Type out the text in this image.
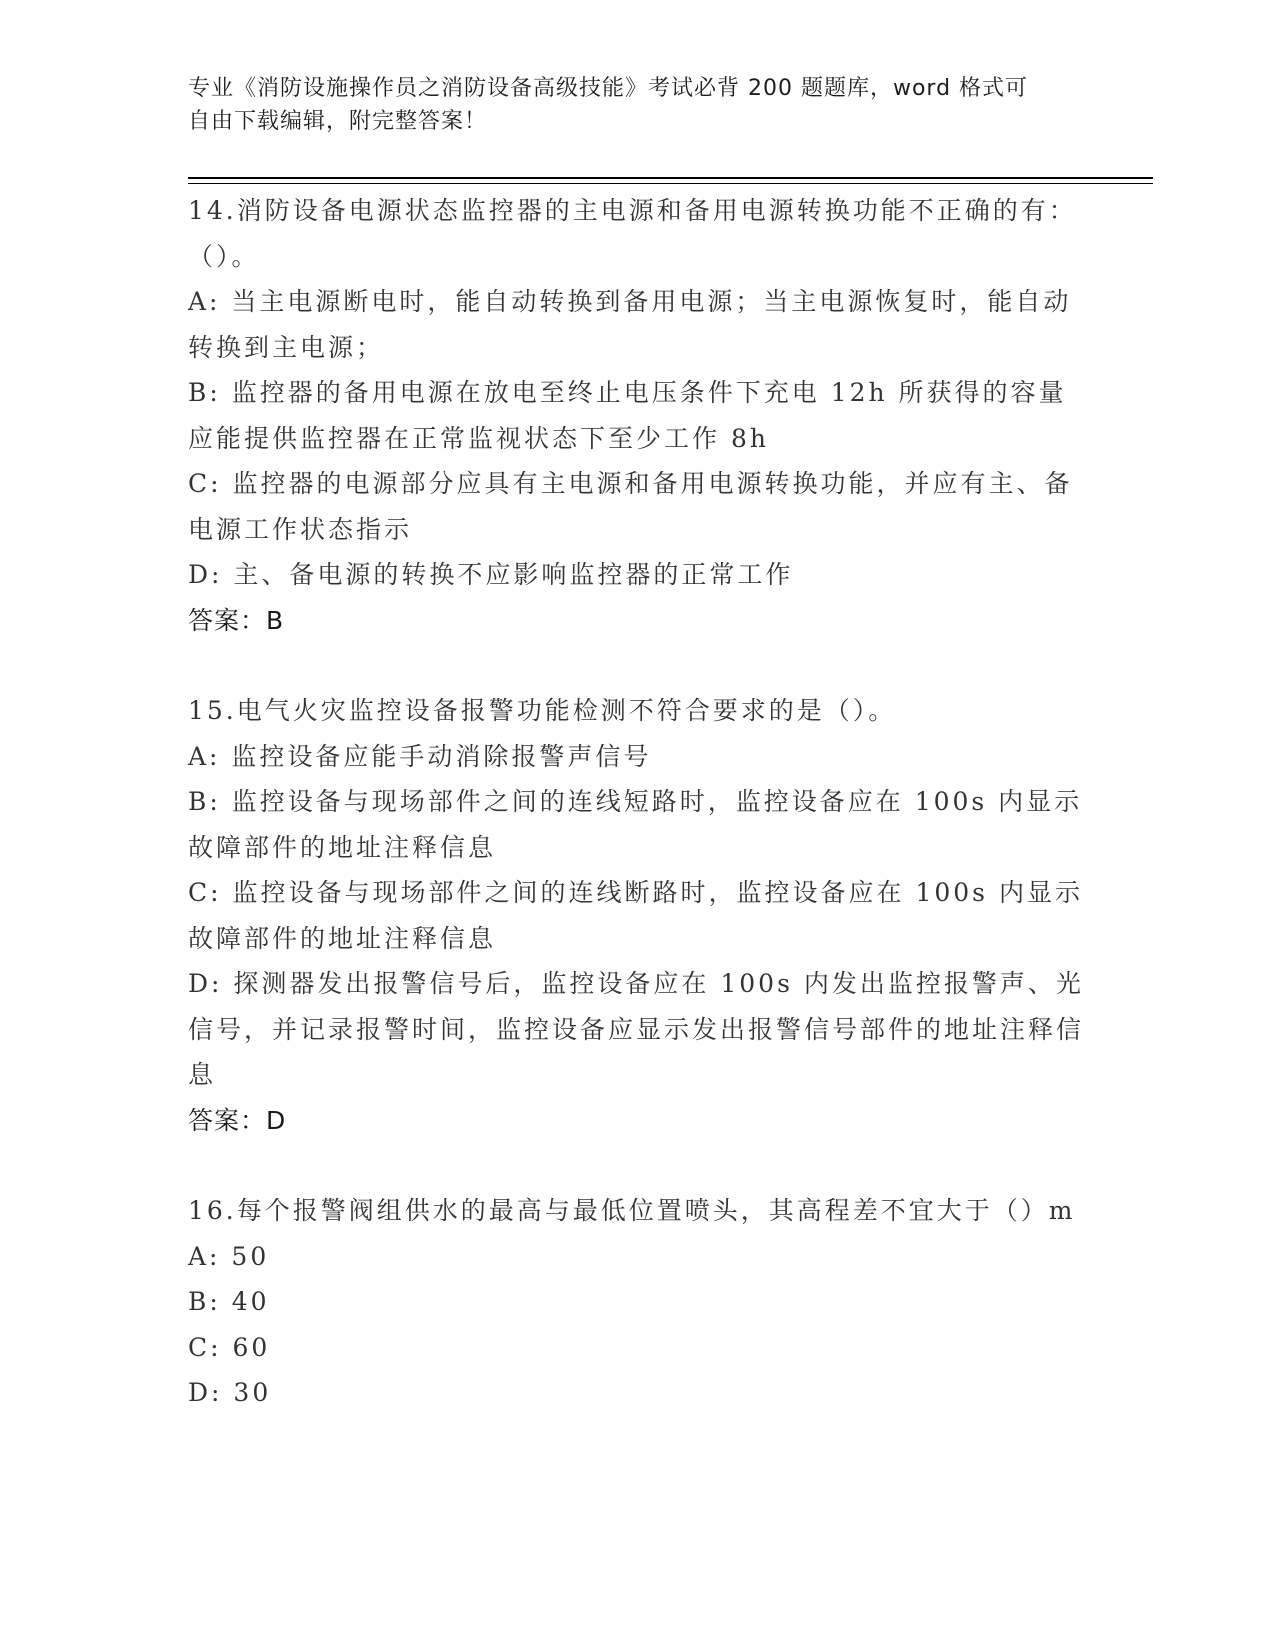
专业《消防设施操作员之消防设备高级技能》考试必背 200 题题库，word 格式可
自由下载编辑，附完整答案！

14.消防设备电源状态监控器的主电源和备用电源转换功能不正确的有：（）。

A: 当主电源断电时，能自动转换到备用电源；当主电源恢复时，能自动转换到主电源；

B: 监控器的备用电源在放电至终止电压条件下充电 12h 所获得的容量应能提供监控器在正常监视状态下至少工作 8h

C: 监控器的电源部分应具有主电源和备用电源转换功能，并应有主、备电源工作状态指示

D: 主、备电源的转换不应影响监控器的正常工作

答案：B

15.电气火灾监控设备报警功能检测不符合要求的是（）。

A: 监控设备应能手动消除报警声信号

B: 监控设备与现场部件之间的连线短路时，监控设备应在 100s 内显示故障部件的地址注释信息

C: 监控设备与现场部件之间的连线断路时，监控设备应在 100s 内显示故障部件的地址注释信息

D: 探测器发出报警信号后，监控设备应在 100s 内发出监控报警声、光信号，并记录报警时间，监控设备应显示发出报警信号部件的地址注释信息

答案：D

16.每个报警阀组供水的最高与最低位置喷头，其高程差不宜大于（）m

A: 50

B: 40

C: 60

D: 30
